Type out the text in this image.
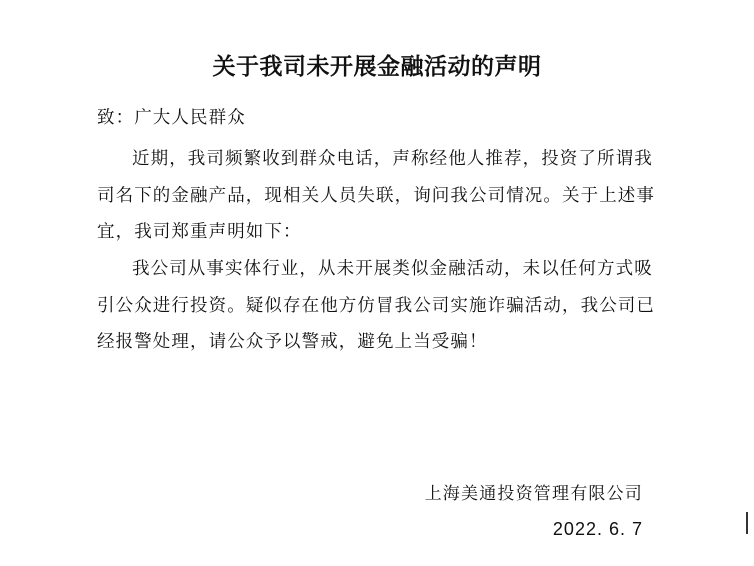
关于我司未开展金融活动的声明
致：广大人民群众
近期，我司频繁收到群众电话，声称经他人推荐，投资了所谓我司名下的金融产品，现相关人员失联，询问我公司情况。关于上述事宜，我司郑重声明如下：
我公司从事实体行业，从未开展类似金融活动，未以任何方式吸引公众进行投资。疑似存在他方仿冒我公司实施诈骗活动，我公司已经报警处理，请公众予以警戒，避免上当受骗！
上海美通投资管理有限公司
2022. 6. 7
